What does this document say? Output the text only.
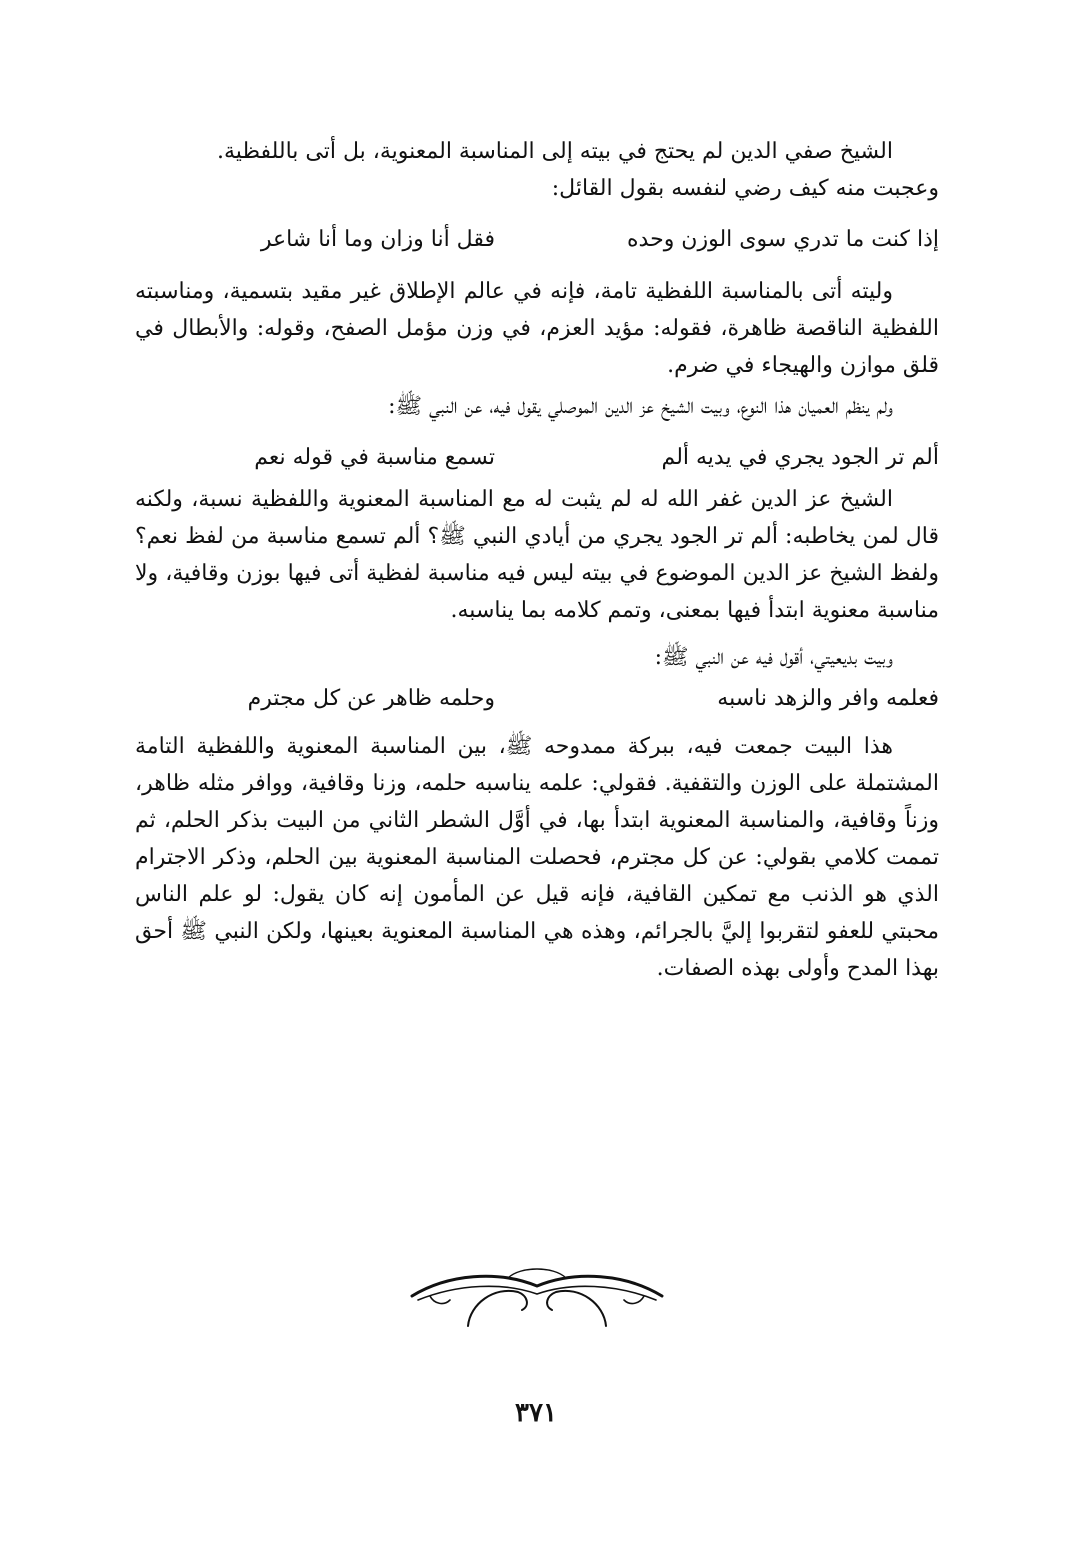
الشيخ صفي الدين لم يحتج في بيته إلى المناسبة المعنوية، بل أتى باللفظية.

وعجبت منه كيف رضي لنفسه بقول القائل:

إذا كنت ما تدري سوى الوزن وحده
فقل أنا وزان وما أنا شاعر

وليته أتى بالمناسبة اللفظية تامة، فإنه في عالم الإطلاق غير مقيد بتسمية، ومناسبته اللفظية الناقصة ظاهرة، فقوله: مؤيد العزم، في وزن مؤمل الصفح، وقوله: والأبطال في قلق موازن والهيجاء في ضرم.

ولم ينظم العميان هذا النوع، وبيت الشيخ عز الدين الموصلي يقول فيه، عن النبي ﷺ:

ألم تر الجود يجري في يديه ألم
تسمع مناسبة في قوله نعم

الشيخ عز الدين غفر الله له لم يثبت له مع المناسبة المعنوية واللفظية نسبة، ولكنه قال لمن يخاطبه: ألم تر الجود يجري من أيادي النبي ﷺ؟ ألم تسمع مناسبة من لفظ نعم؟ ولفظ الشيخ عز الدين الموضوع في بيته ليس فيه مناسبة لفظية أتى فيها بوزن وقافية، ولا مناسبة معنوية ابتدأ فيها بمعنى، وتمم كلامه بما يناسبه.

وبيت بديعيتي، أقول فيه عن النبي ﷺ:

فعلمه وافر والزهد ناسبه
وحلمه ظاهر عن كل مجترم

هذا البيت جمعت فيه، ببركة ممدوحه ﷺ، بين المناسبة المعنوية واللفظية التامة المشتملة على الوزن والتقفية. فقولي: علمه يناسبه حلمه، وزنا وقافية، ووافر مثله ظاهر، وزناً وقافية، والمناسبة المعنوية ابتدأ بها، في أوَّل الشطر الثاني من البيت بذكر الحلم، ثم تممت كلامي بقولي: عن كل مجترم، فحصلت المناسبة المعنوية بين الحلم، وذكر الاجترام الذي هو الذنب مع تمكين القافية، فإنه قيل عن المأمون إنه كان يقول: لو علم الناس محبتي للعفو لتقربوا إليَّ بالجرائم، وهذه هي المناسبة المعنوية بعينها، ولكن النبي ﷺ أحق بهذا المدح وأولى بهذه الصفات.

٣٧١
